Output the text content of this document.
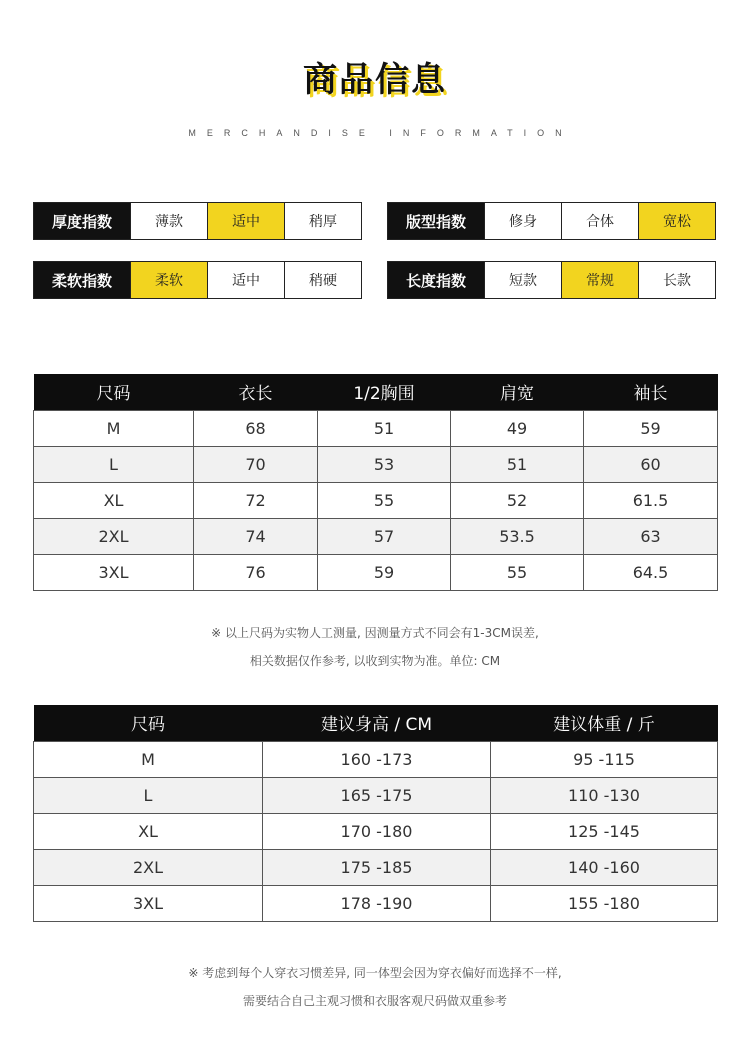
商品信息
MERCHANDISE INFORMATION
厚度指数	薄款	适中	稍厚	版型指数	修身	合体	宽松
柔软指数	柔软	适中	稍硬	长度指数	短款	常规	长款
尺码	衣长	1/2胸围	肩宽	袖长
M	68	51	49	59
L	70	53	51	60
XL	72	55	52	61.5
2XL	74	57	53.5	63
3XL	76	59	55	64.5
※ 以上尺码为实物人工测量, 因测量方式不同会有1-3CM误差,
相关数据仅作参考, 以收到实物为准。单位: CM
尺码	建议身高 / CM	建议体重 / 斤
M	160 -173	95 -115
L	165 -175	110 -130
XL	170 -180	125 -145
2XL	175 -185	140 -160
3XL	178 -190	155 -180
※ 考虑到每个人穿衣习惯差异, 同一体型会因为穿衣偏好而选择不一样,
需要结合自己主观习惯和衣服客观尺码做双重参考
